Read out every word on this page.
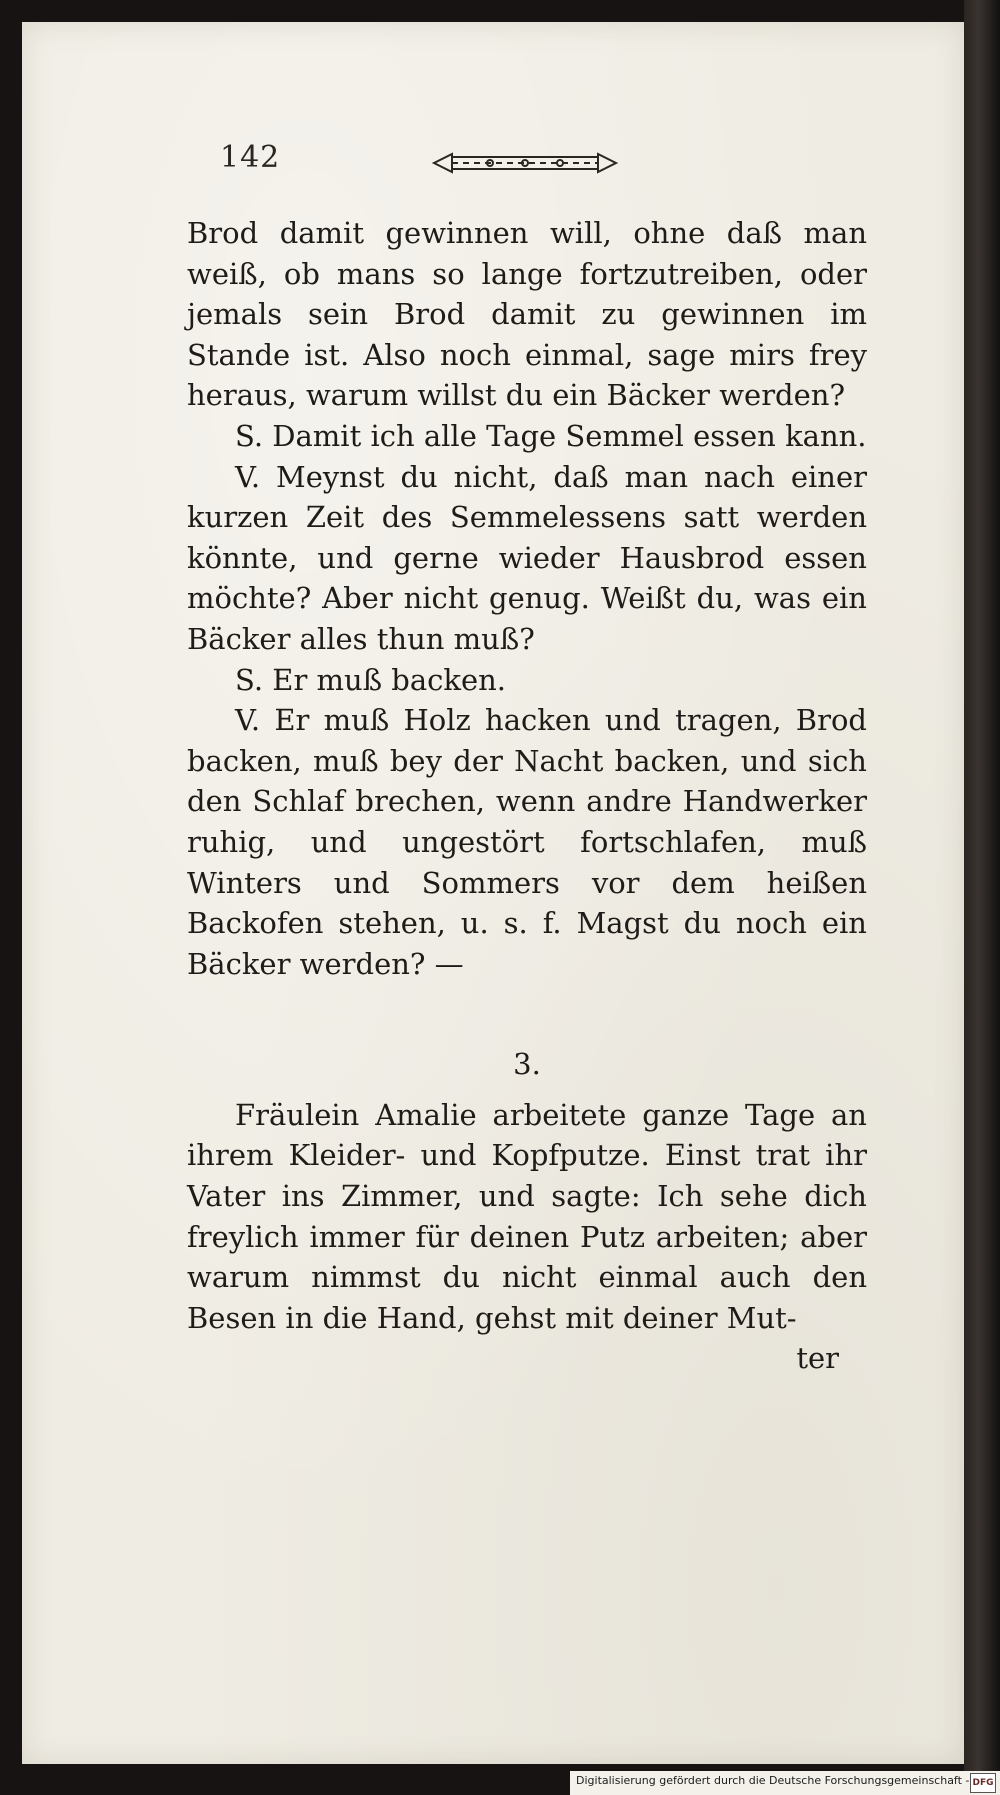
142

Brod damit gewinnen will, ohne daß man weiß, ob mans so lange fortzutreiben, oder jemals sein Brod damit zu gewinnen im Stande ist. Also noch einmal, sage mirs frey heraus, warum willst du ein Bäcker werden?

S. Damit ich alle Tage Semmel essen kann.

V. Meynst du nicht, daß man nach einer kurzen Zeit des Semmelessens satt werden könnte, und gerne wieder Hausbrod essen möchte? Aber nicht genug. Weißt du, was ein Bäcker alles thun muß?

S. Er muß backen.

V. Er muß Holz hacken und tragen, Brod backen, muß bey der Nacht backen, und sich den Schlaf brechen, wenn andre Handwerker ruhig, und ungestört fortschlafen, muß Winters und Sommers vor dem heißen Backofen stehen, u. s. f. Magst du noch ein Bäcker werden? —

3.

Fräulein Amalie arbeitete ganze Tage an ihrem Kleider- und Kopfputze. Einst trat ihr Vater ins Zimmer, und sagte: Ich sehe dich freylich immer für deinen Putz arbeiten; aber warum nimmst du nicht einmal auch den Besen in die Hand, gehst mit deiner Mut-

ter

Digitalisierung gefördert durch die Deutsche Forschungsgemeinschaft - DFG
